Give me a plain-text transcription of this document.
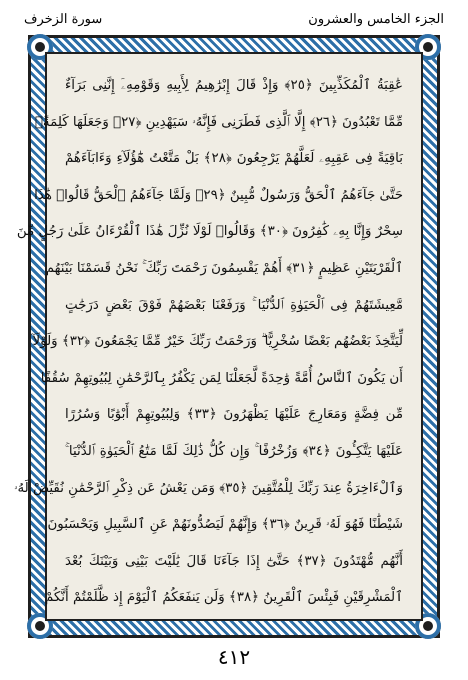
الجزء الخامس والعشرون
سورة الزخرف
عَٰقِبَةُ ٱلْمُكَذِّبِينَ ﴿٢٥﴾ وَإِذْ قَالَ إِبْرَٰهِيمُ لِأَبِيهِ وَقَوْمِهِۦٓ إِنَّنِى بَرَآءٌ
مِّمَّا تَعْبُدُونَ ﴿٢٦﴾ إِلَّا ٱلَّذِى فَطَرَنِى فَإِنَّهُۥ سَيَهْدِينِ ﴿٢٧﴾ وَجَعَلَهَا كَلِمَةًۢ
بَاقِيَةً فِى عَقِبِهِۦ لَعَلَّهُمْ يَرْجِعُونَ ﴿٢٨﴾ بَلْ مَتَّعْتُ هَٰٓؤُلَآءِ وَءَابَآءَهُمْ
حَتَّىٰ جَآءَهُمُ ٱلْحَقُّ وَرَسُولٌ مُّبِينٌ ﴿٢٩﴾ وَلَمَّا جَآءَهُمُ ٱلْحَقُّ قَالُوا۟ هَٰذَا
سِحْرٌ وَإِنَّا بِهِۦ كَٰفِرُونَ ﴿٣٠﴾ وَقَالُوا۟ لَوْلَا نُزِّلَ هَٰذَا ٱلْقُرْءَانُ عَلَىٰ رَجُلٍ مِّنَ
ٱلْقَرْيَتَيْنِ عَظِيمٍ ﴿٣١﴾ أَهُمْ يَقْسِمُونَ رَحْمَتَ رَبِّكَ ۚ نَحْنُ قَسَمْنَا بَيْنَهُم
مَّعِيشَتَهُمْ فِى ٱلْحَيَوٰةِ ٱلدُّنْيَا ۚ وَرَفَعْنَا بَعْضَهُمْ فَوْقَ بَعْضٍ دَرَجَٰتٍ
لِّيَتَّخِذَ بَعْضُهُم بَعْضًا سُخْرِيًّا ۗ وَرَحْمَتُ رَبِّكَ خَيْرٌ مِّمَّا يَجْمَعُونَ ﴿٣٢﴾ وَلَوْلَآ
أَن يَكُونَ ٱلنَّاسُ أُمَّةً وَٰحِدَةً لَّجَعَلْنَا لِمَن يَكْفُرُ بِٱلرَّحْمَٰنِ لِبُيُوتِهِمْ سُقُفًا
مِّن فِضَّةٍ وَمَعَارِجَ عَلَيْهَا يَظْهَرُونَ ﴿٣٣﴾ وَلِبُيُوتِهِمْ أَبْوَٰبًا وَسُرُرًا
عَلَيْهَا يَتَّكِـُٔونَ ﴿٣٤﴾ وَزُخْرُفًا ۚ وَإِن كُلُّ ذَٰلِكَ لَمَّا مَتَٰعُ ٱلْحَيَوٰةِ ٱلدُّنْيَا ۚ
وَٱلْءَاخِرَةُ عِندَ رَبِّكَ لِلْمُتَّقِينَ ﴿٣٥﴾ وَمَن يَعْشُ عَن ذِكْرِ ٱلرَّحْمَٰنِ نُقَيِّضْ لَهُۥ
شَيْطَٰنًا فَهُوَ لَهُۥ قَرِينٌ ﴿٣٦﴾ وَإِنَّهُمْ لَيَصُدُّونَهُمْ عَنِ ٱلسَّبِيلِ وَيَحْسَبُونَ
أَنَّهُم مُّهْتَدُونَ ﴿٣٧﴾ حَتَّىٰٓ إِذَا جَآءَنَا قَالَ يَٰلَيْتَ بَيْنِى وَبَيْنَكَ بُعْدَ
ٱلْمَشْرِقَيْنِ فَبِئْسَ ٱلْقَرِينُ ﴿٣٨﴾ وَلَن يَنفَعَكُمُ ٱلْيَوْمَ إِذ ظَّلَمْتُمْ أَنَّكُمْ
٤١٢
